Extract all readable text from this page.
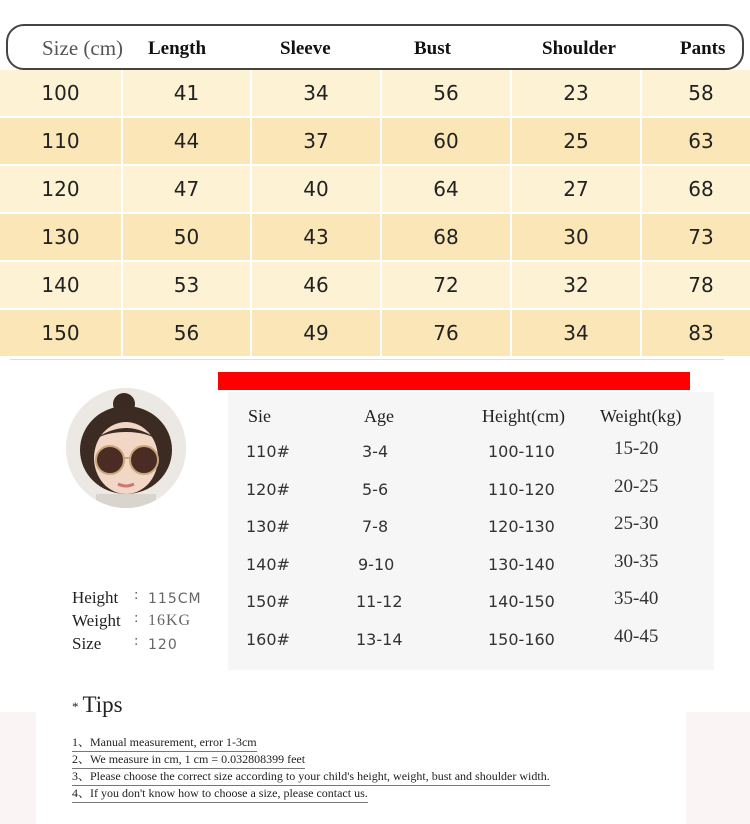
Size (cm) Length	Sleeve	Bust	Shoulder	Pants
100	41	34	56	23	58
110	44	37	60	25	63
120	47	40	64	27	68
130	50	43	68	30	73
140	53	46	72	32	78
150	56	49	76	34	83
Height : 115CM
Weight : 16KG
Size	: 120
Sie	Age	Height(cm) Weight(kg)
110#	3-4	100-110	15-20
120#	5-6	110-120	20-25
130#	7-8	120-130	25-30
140#	9-10	130-140	30-35
150#	11-12	140-150	35-40
160#	13-14	150-160	40-45
* Tips
1、Manual measurement, error 1-3cm
2、We measure in cm, 1 cm = 0.032808399 feet
3、Please choose the correct size according to your child's height, weight, bust and shoulder width.
4、If you don't know how to choose a size, please contact us.
